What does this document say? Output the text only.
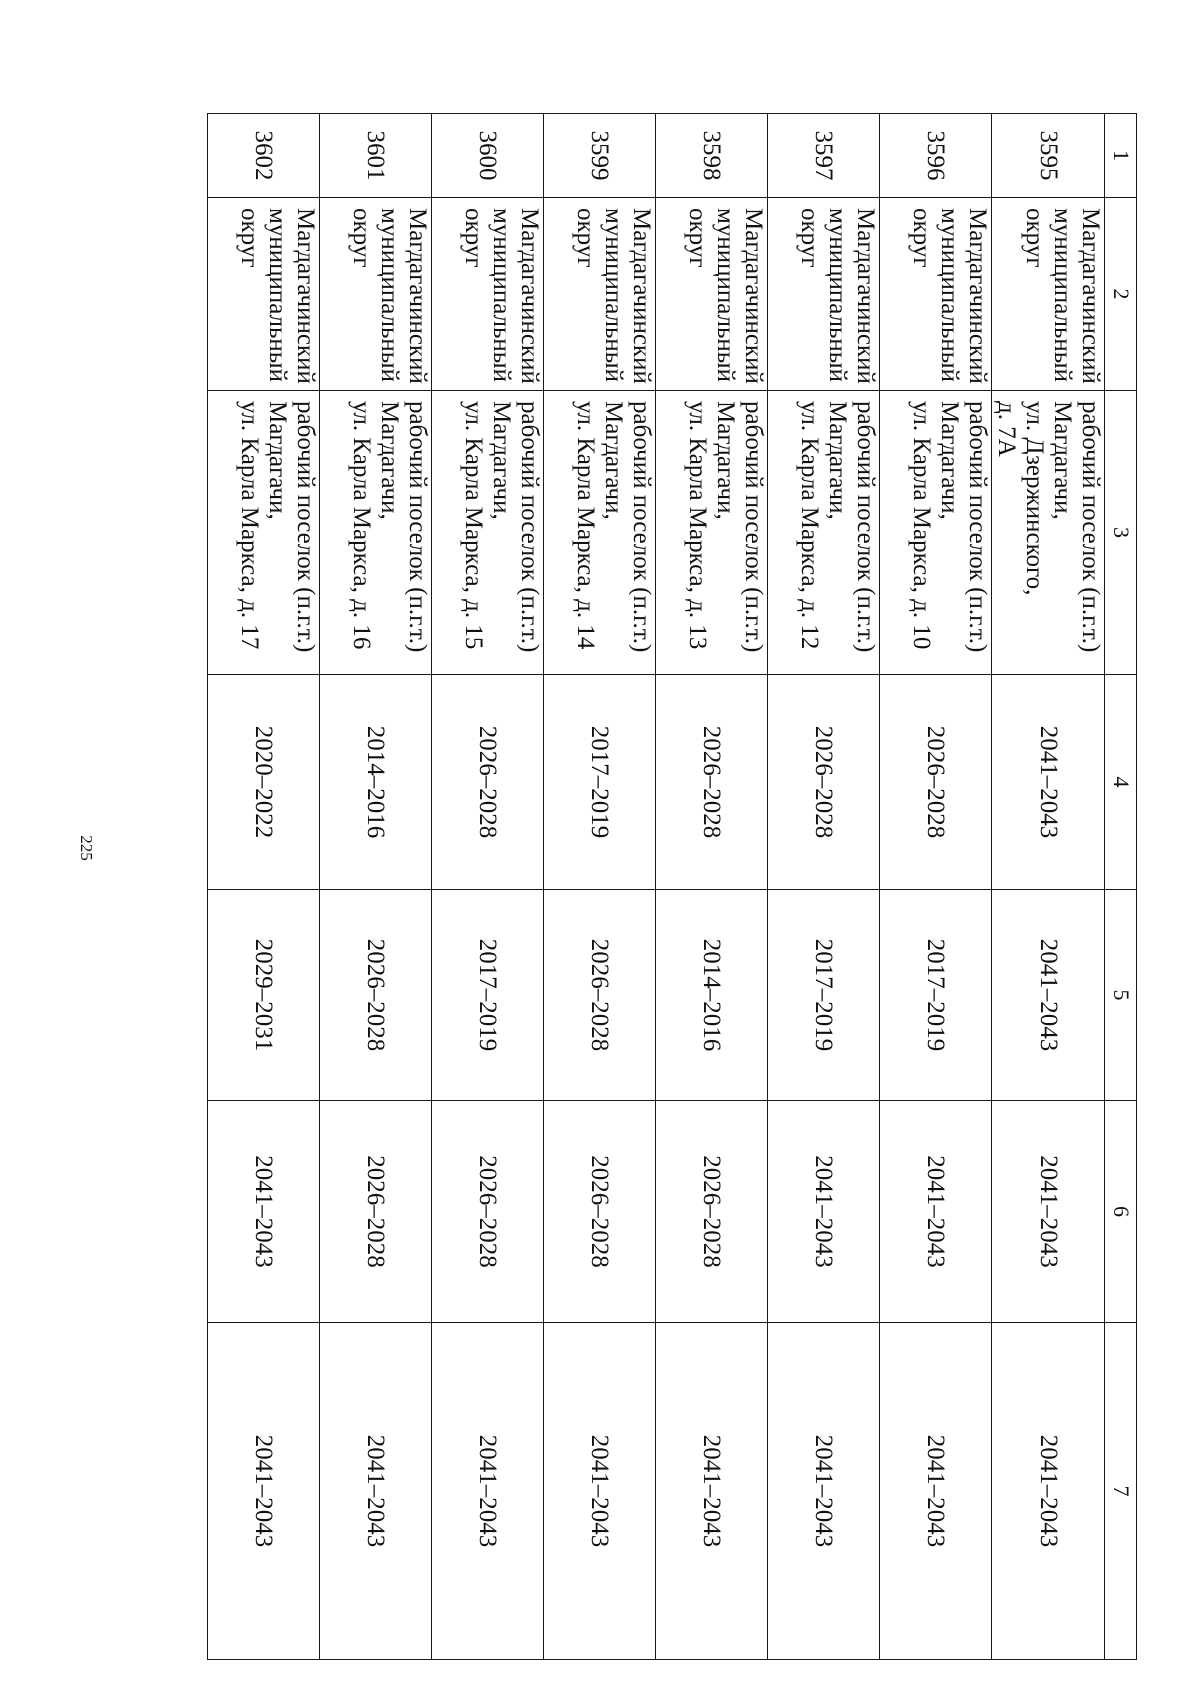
225
1	2	3	4	5	6	7
3595	Магдагачинский
муниципальный
округ	рабочий поселок (п.г.т.)
Магдагачи,
ул. Дзержинского,
д. 7А	2041–2043	2041–2043	2041–2043	2041–2043
3596	Магдагачинский
муниципальный
округ	рабочий поселок (п.г.т.)
Магдагачи,
ул. Карла Маркса, д. 10	2026–2028	2017–2019	2041–2043	2041–2043
3597	Магдагачинский
муниципальный
округ	рабочий поселок (п.г.т.)
Магдагачи,
ул. Карла Маркса, д. 12	2026–2028	2017–2019	2041–2043	2041–2043
3598	Магдагачинский
муниципальный
округ	рабочий поселок (п.г.т.)
Магдагачи,
ул. Карла Маркса, д. 13	2026–2028	2014–2016	2026–2028	2041–2043
3599	Магдагачинский
муниципальный
округ	рабочий поселок (п.г.т.)
Магдагачи,
ул. Карла Маркса, д. 14	2017–2019	2026–2028	2026–2028	2041–2043
3600	Магдагачинский
муниципальный
округ	рабочий поселок (п.г.т.)
Магдагачи,
ул. Карла Маркса, д. 15	2026–2028	2017–2019	2026–2028	2041–2043
3601	Магдагачинский
муниципальный
округ	рабочий поселок (п.г.т.)
Магдагачи,
ул. Карла Маркса, д. 16	2014–2016	2026–2028	2026–2028	2041–2043
3602	Магдагачинский
муниципальный
округ	рабочий поселок (п.г.т.)
Магдагачи,
ул. Карла Маркса, д. 17	2020–2022	2029–2031	2041–2043	2041–2043
